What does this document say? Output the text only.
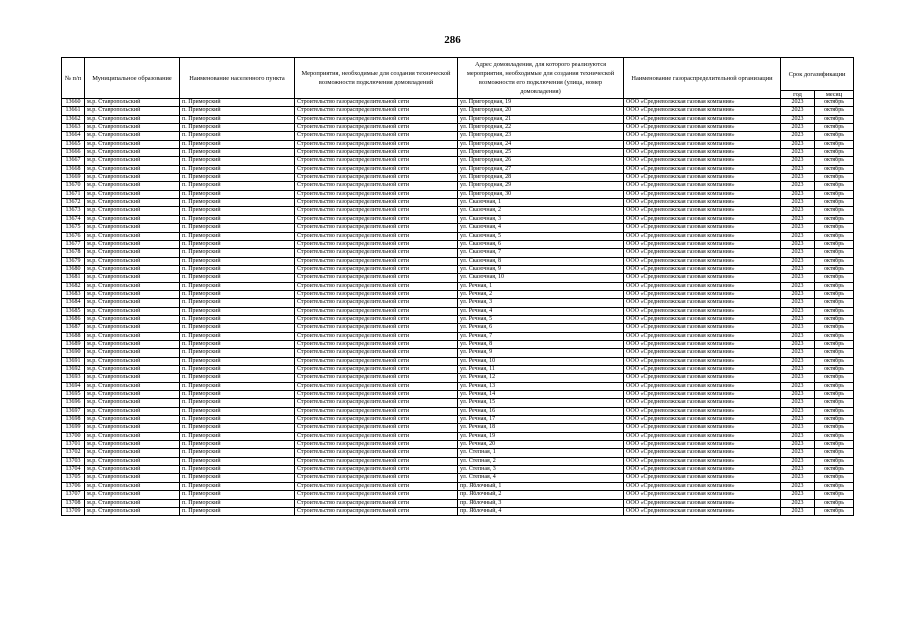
286
№ п/п	Муниципальное образование	Наименование населенного пункта	Мероприятия, необходимые для создания технической возможности подключения домовладений	Адрес домовладения, для которого реализуются мероприятия, необходимые для создания технической возможности его подключения (улица, номер домовладения)	Наименование газораспределительной организации	Срок догазификации	
						год	месяц
13660	м.р. Ставропольский	п. Приморский	Строительство газораспределительной сети	ул. Пригородная, 19	ООО «Средневолжская газовая компания»	2023	октябрь
13661	м.р. Ставропольский	п. Приморский	Строительство газораспределительной сети	ул. Пригородная, 20	ООО «Средневолжская газовая компания»	2023	октябрь
13662	м.р. Ставропольский	п. Приморский	Строительство газораспределительной сети	ул. Пригородная, 21	ООО «Средневолжская газовая компания»	2023	октябрь
13663	м.р. Ставропольский	п. Приморский	Строительство газораспределительной сети	ул. Пригородная, 22	ООО «Средневолжская газовая компания»	2023	октябрь
13664	м.р. Ставропольский	п. Приморский	Строительство газораспределительной сети	ул. Пригородная, 23	ООО «Средневолжская газовая компания»	2023	октябрь
13665	м.р. Ставропольский	п. Приморский	Строительство газораспределительной сети	ул. Пригородная, 24	ООО «Средневолжская газовая компания»	2023	октябрь
13666	м.р. Ставропольский	п. Приморский	Строительство газораспределительной сети	ул. Пригородная, 25	ООО «Средневолжская газовая компания»	2023	октябрь
13667	м.р. Ставропольский	п. Приморский	Строительство газораспределительной сети	ул. Пригородная, 26	ООО «Средневолжская газовая компания»	2023	октябрь
13668	м.р. Ставропольский	п. Приморский	Строительство газораспределительной сети	ул. Пригородная, 27	ООО «Средневолжская газовая компания»	2023	октябрь
13669	м.р. Ставропольский	п. Приморский	Строительство газораспределительной сети	ул. Пригородная, 28	ООО «Средневолжская газовая компания»	2023	октябрь
13670	м.р. Ставропольский	п. Приморский	Строительство газораспределительной сети	ул. Пригородная, 29	ООО «Средневолжская газовая компания»	2023	октябрь
13671	м.р. Ставропольский	п. Приморский	Строительство газораспределительной сети	ул. Пригородная, 30	ООО «Средневолжская газовая компания»	2023	октябрь
13672	м.р. Ставропольский	п. Приморский	Строительство газораспределительной сети	ул. Сказочная, 1	ООО «Средневолжская газовая компания»	2023	октябрь
13673	м.р. Ставропольский	п. Приморский	Строительство газораспределительной сети	ул. Сказочная, 2	ООО «Средневолжская газовая компания»	2023	октябрь
13674	м.р. Ставропольский	п. Приморский	Строительство газораспределительной сети	ул. Сказочная, 3	ООО «Средневолжская газовая компания»	2023	октябрь
13675	м.р. Ставропольский	п. Приморский	Строительство газораспределительной сети	ул. Сказочная, 4	ООО «Средневолжская газовая компания»	2023	октябрь
13676	м.р. Ставропольский	п. Приморский	Строительство газораспределительной сети	ул. Сказочная, 5	ООО «Средневолжская газовая компания»	2023	октябрь
13677	м.р. Ставропольский	п. Приморский	Строительство газораспределительной сети	ул. Сказочная, 6	ООО «Средневолжская газовая компания»	2023	октябрь
13678	м.р. Ставропольский	п. Приморский	Строительство газораспределительной сети	ул. Сказочная, 7	ООО «Средневолжская газовая компания»	2023	октябрь
13679	м.р. Ставропольский	п. Приморский	Строительство газораспределительной сети	ул. Сказочная, 8	ООО «Средневолжская газовая компания»	2023	октябрь
13680	м.р. Ставропольский	п. Приморский	Строительство газораспределительной сети	ул. Сказочная, 9	ООО «Средневолжская газовая компания»	2023	октябрь
13681	м.р. Ставропольский	п. Приморский	Строительство газораспределительной сети	ул. Сказочная, 10	ООО «Средневолжская газовая компания»	2023	октябрь
13682	м.р. Ставропольский	п. Приморский	Строительство газораспределительной сети	ул. Речная, 1	ООО «Средневолжская газовая компания»	2023	октябрь
13683	м.р. Ставропольский	п. Приморский	Строительство газораспределительной сети	ул. Речная, 2	ООО «Средневолжская газовая компания»	2023	октябрь
13684	м.р. Ставропольский	п. Приморский	Строительство газораспределительной сети	ул. Речная, 3	ООО «Средневолжская газовая компания»	2023	октябрь
13685	м.р. Ставропольский	п. Приморский	Строительство газораспределительной сети	ул. Речная, 4	ООО «Средневолжская газовая компания»	2023	октябрь
13686	м.р. Ставропольский	п. Приморский	Строительство газораспределительной сети	ул. Речная, 5	ООО «Средневолжская газовая компания»	2023	октябрь
13687	м.р. Ставропольский	п. Приморский	Строительство газораспределительной сети	ул. Речная, 6	ООО «Средневолжская газовая компания»	2023	октябрь
13688	м.р. Ставропольский	п. Приморский	Строительство газораспределительной сети	ул. Речная, 7	ООО «Средневолжская газовая компания»	2023	октябрь
13689	м.р. Ставропольский	п. Приморский	Строительство газораспределительной сети	ул. Речная, 8	ООО «Средневолжская газовая компания»	2023	октябрь
13690	м.р. Ставропольский	п. Приморский	Строительство газораспределительной сети	ул. Речная, 9	ООО «Средневолжская газовая компания»	2023	октябрь
13691	м.р. Ставропольский	п. Приморский	Строительство газораспределительной сети	ул. Речная, 10	ООО «Средневолжская газовая компания»	2023	октябрь
13692	м.р. Ставропольский	п. Приморский	Строительство газораспределительной сети	ул. Речная, 11	ООО «Средневолжская газовая компания»	2023	октябрь
13693	м.р. Ставропольский	п. Приморский	Строительство газораспределительной сети	ул. Речная, 12	ООО «Средневолжская газовая компания»	2023	октябрь
13694	м.р. Ставропольский	п. Приморский	Строительство газораспределительной сети	ул. Речная, 13	ООО «Средневолжская газовая компания»	2023	октябрь
13695	м.р. Ставропольский	п. Приморский	Строительство газораспределительной сети	ул. Речная, 14	ООО «Средневолжская газовая компания»	2023	октябрь
13696	м.р. Ставропольский	п. Приморский	Строительство газораспределительной сети	ул. Речная, 15	ООО «Средневолжская газовая компания»	2023	октябрь
13697	м.р. Ставропольский	п. Приморский	Строительство газораспределительной сети	ул. Речная, 16	ООО «Средневолжская газовая компания»	2023	октябрь
13698	м.р. Ставропольский	п. Приморский	Строительство газораспределительной сети	ул. Речная, 17	ООО «Средневолжская газовая компания»	2023	октябрь
13699	м.р. Ставропольский	п. Приморский	Строительство газораспределительной сети	ул. Речная, 18	ООО «Средневолжская газовая компания»	2023	октябрь
13700	м.р. Ставропольский	п. Приморский	Строительство газораспределительной сети	ул. Речная, 19	ООО «Средневолжская газовая компания»	2023	октябрь
13701	м.р. Ставропольский	п. Приморский	Строительство газораспределительной сети	ул. Речная, 20	ООО «Средневолжская газовая компания»	2023	октябрь
13702	м.р. Ставропольский	п. Приморский	Строительство газораспределительной сети	ул. Степная, 1	ООО «Средневолжская газовая компания»	2023	октябрь
13703	м.р. Ставропольский	п. Приморский	Строительство газораспределительной сети	ул. Степная, 2	ООО «Средневолжская газовая компания»	2023	октябрь
13704	м.р. Ставропольский	п. Приморский	Строительство газораспределительной сети	ул. Степная, 3	ООО «Средневолжская газовая компания»	2023	октябрь
13705	м.р. Ставропольский	п. Приморский	Строительство газораспределительной сети	ул. Степная, 4	ООО «Средневолжская газовая компания»	2023	октябрь
13706	м.р. Ставропольский	п. Приморский	Строительство газораспределительной сети	пр. Яблочный, 1	ООО «Средневолжская газовая компания»	2023	октябрь
13707	м.р. Ставропольский	п. Приморский	Строительство газораспределительной сети	пр. Яблочный, 2	ООО «Средневолжская газовая компания»	2023	октябрь
13708	м.р. Ставропольский	п. Приморский	Строительство газораспределительной сети	пр. Яблочный, 3	ООО «Средневолжская газовая компания»	2023	октябрь
13709	м.р. Ставропольский	п. Приморский	Строительство газораспределительной сети	пр. Яблочный, 4	ООО «Средневолжская газовая компания»	2023	октябрь
